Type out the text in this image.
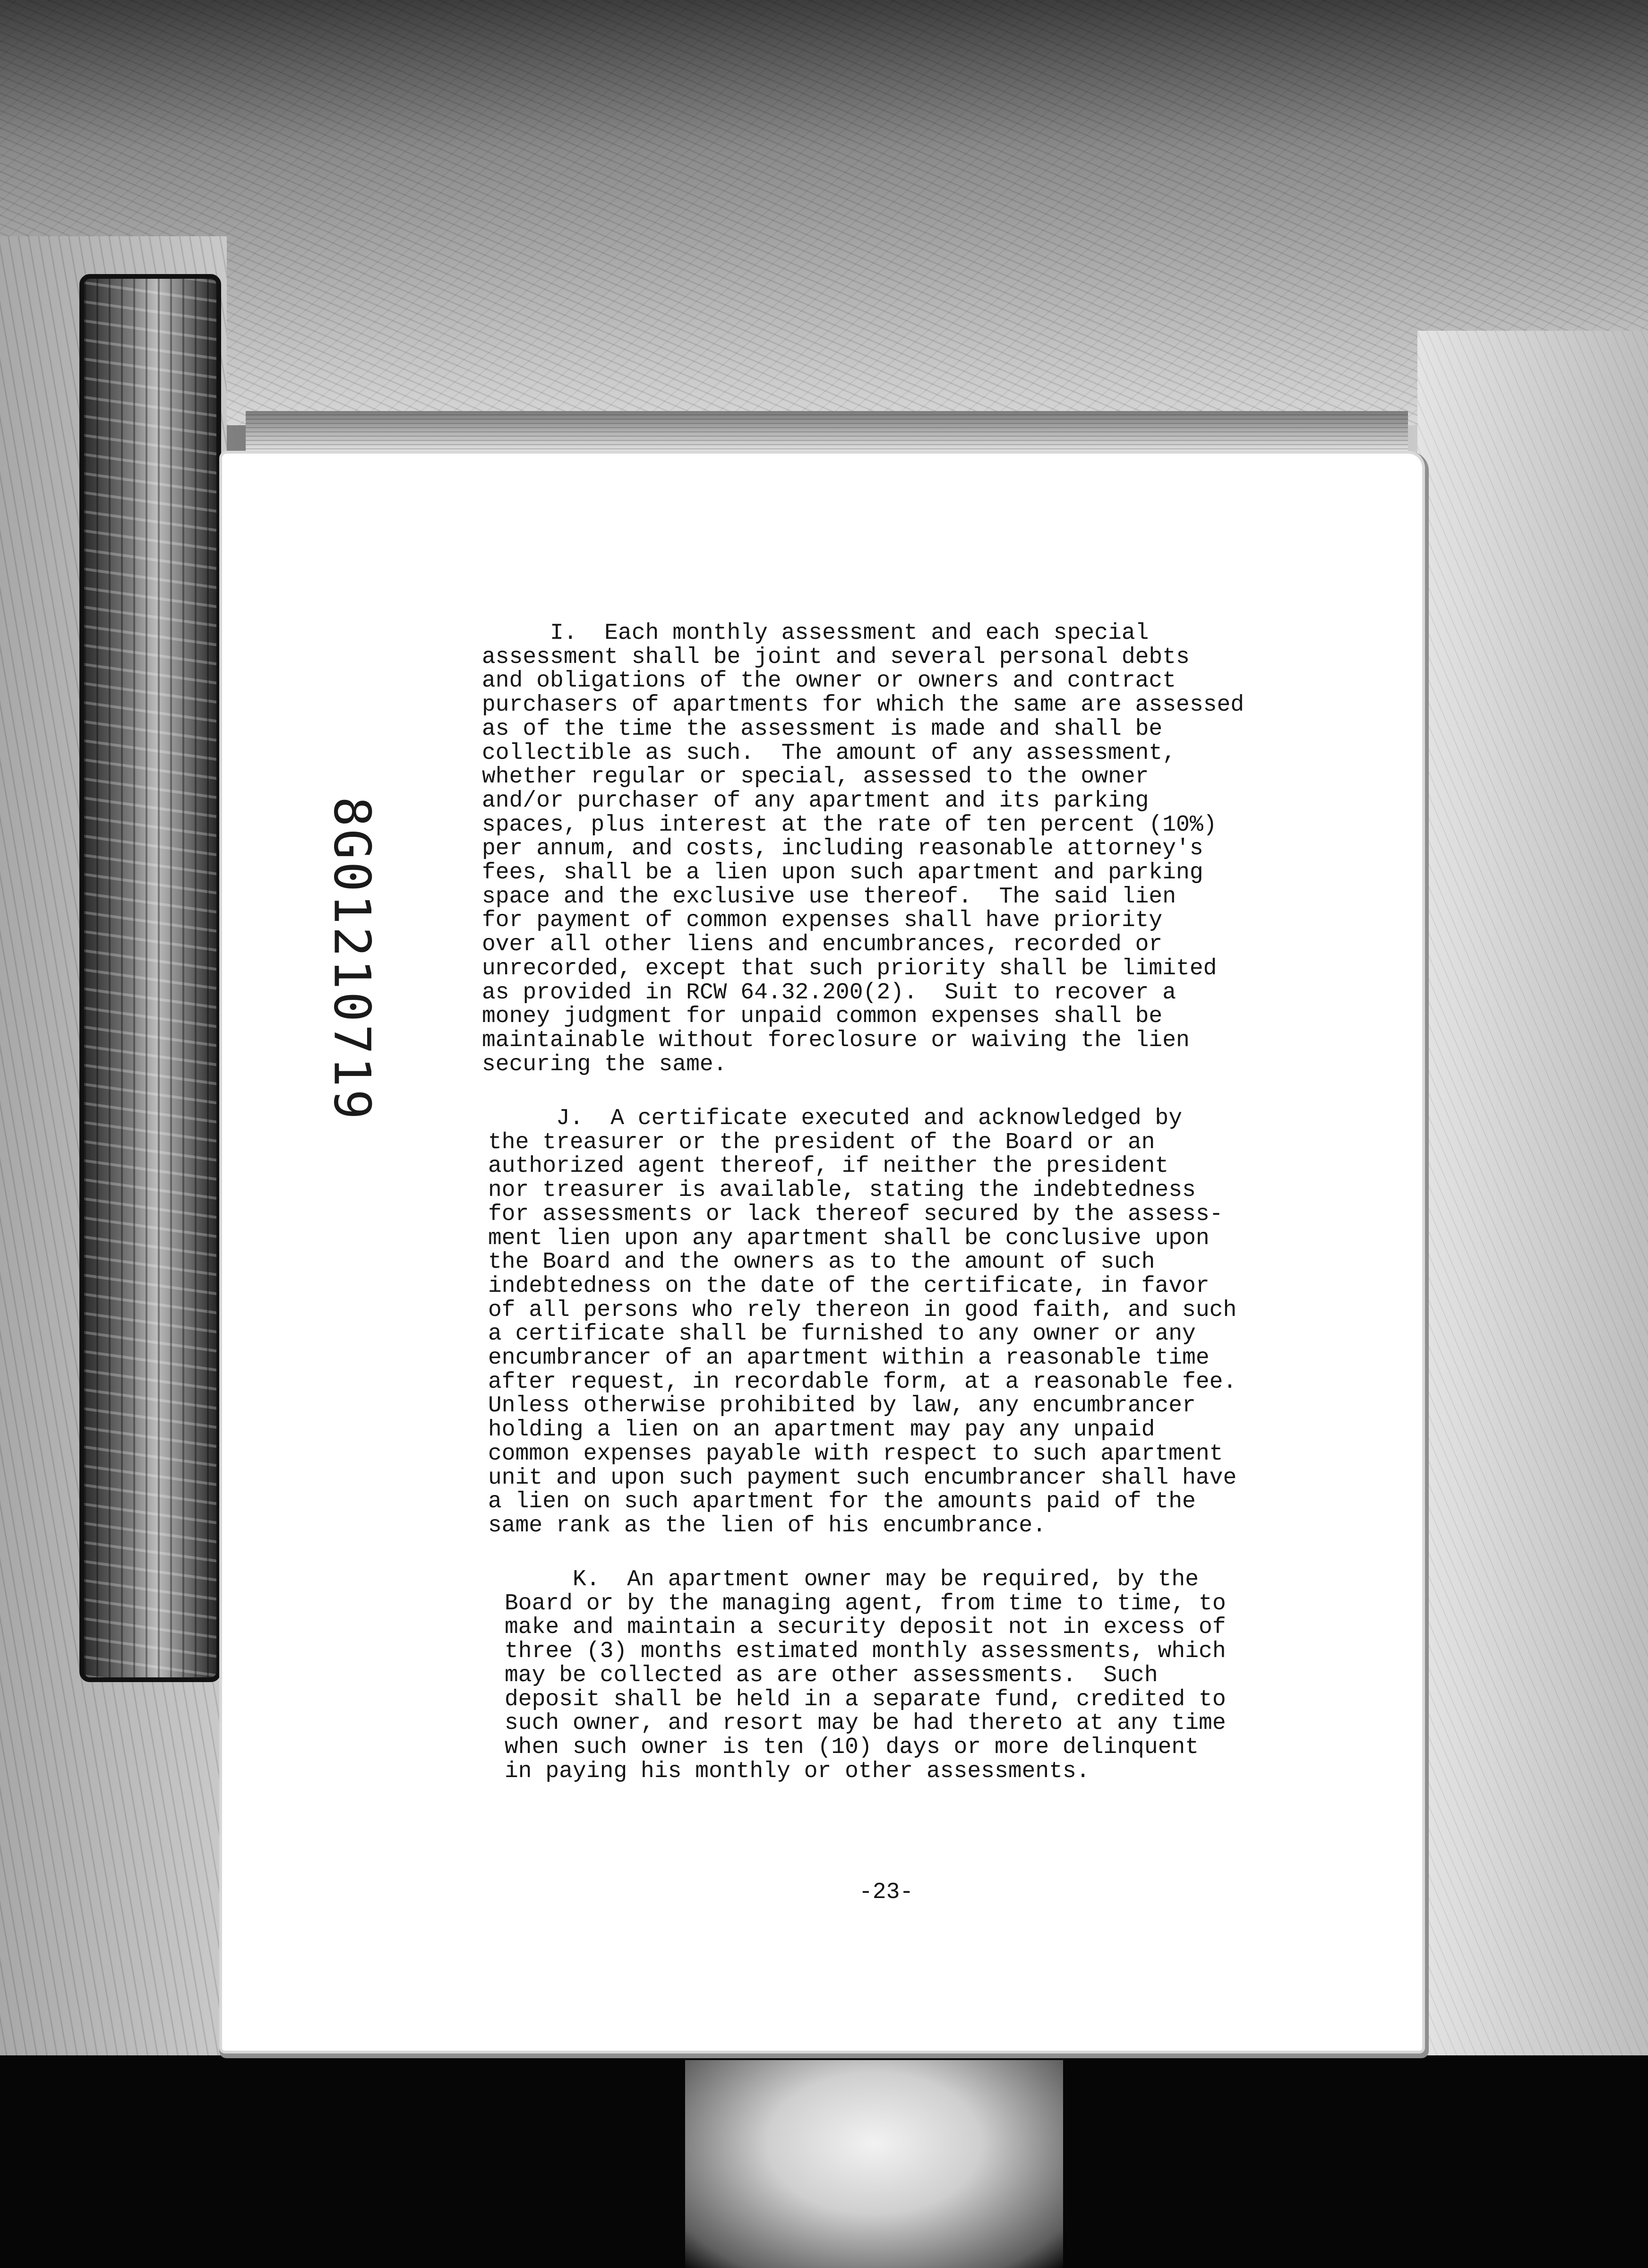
8G01210719

I.  Each monthly assessment and each special
assessment shall be joint and several personal debts
and obligations of the owner or owners and contract
purchasers of apartments for which the same are assessed
as of the time the assessment is made and shall be
collectible as such.  The amount of any assessment,
whether regular or special, assessed to the owner
and/or purchaser of any apartment and its parking
spaces, plus interest at the rate of ten percent (10%)
per annum, and costs, including reasonable attorney's
fees, shall be a lien upon such apartment and parking
space and the exclusive use thereof.  The said lien
for payment of common expenses shall have priority
over all other liens and encumbrances, recorded or
unrecorded, except that such priority shall be limited
as provided in RCW 64.32.200(2).  Suit to recover a
money judgment for unpaid common expenses shall be
maintainable without foreclosure or waiving the lien
securing the same.

J.  A certificate executed and acknowledged by
the treasurer or the president of the Board or an
authorized agent thereof, if neither the president
nor treasurer is available, stating the indebtedness
for assessments or lack thereof secured by the assess-
ment lien upon any apartment shall be conclusive upon
the Board and the owners as to the amount of such
indebtedness on the date of the certificate, in favor
of all persons who rely thereon in good faith, and such
a certificate shall be furnished to any owner or any
encumbrancer of an apartment within a reasonable time
after request, in recordable form, at a reasonable fee.
Unless otherwise prohibited by law, any encumbrancer
holding a lien on an apartment may pay any unpaid
common expenses payable with respect to such apartment
unit and upon such payment such encumbrancer shall have
a lien on such apartment for the amounts paid of the
same rank as the lien of his encumbrance.

K.  An apartment owner may be required, by the
Board or by the managing agent, from time to time, to
make and maintain a security deposit not in excess of
three (3) months estimated monthly assessments, which
may be collected as are other assessments.  Such
deposit shall be held in a separate fund, credited to
such owner, and resort may be had thereto at any time
when such owner is ten (10) days or more delinquent
in paying his monthly or other assessments.

-23-
